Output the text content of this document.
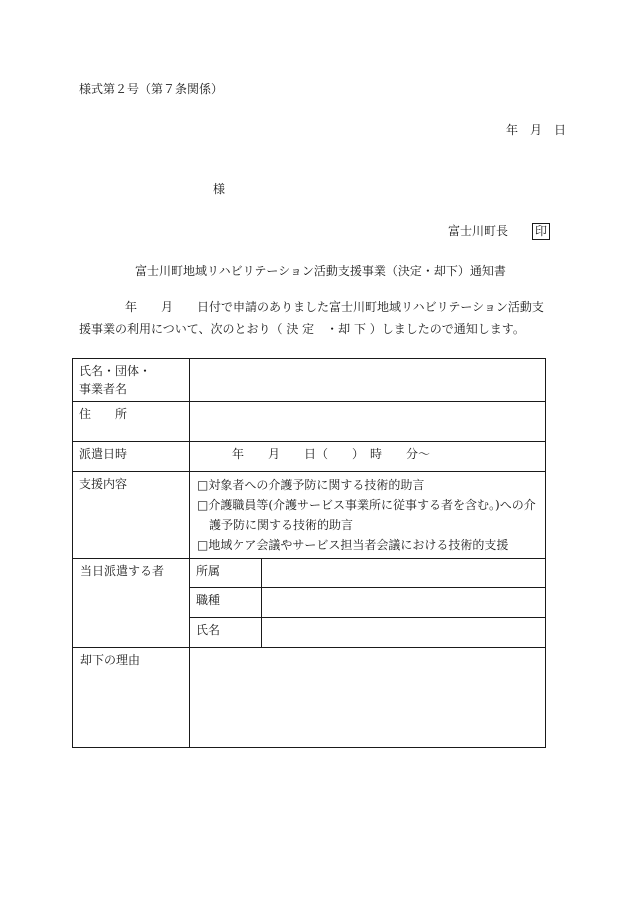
様式第２号（第７条関係）
年　月　日
様
富士川町長 印
富士川町地域リハビリテーション活動支援事業（決定・却下）通知書
年　　月　　日付で申請のありました富士川町地域リハビリテーション活動支
援事業の利用について、次のとおり（ 決 定　・却 下 ）しましたので通知します。
氏名・団体・
事業者名		

住　　所		
派遣日時	年　　月　　日（　　）　時　　分～	
支援内容	□対象者への介護予防に関する技術的助言
□介護職員等(介護サービス事業所に従事する者を含む。)への介
護予防に関する技術的助言
□地域ケア会議やサービス担当者会議における技術的支援	

当日派遣する者	所属	
	職種	
	氏名	
却下の理由		
